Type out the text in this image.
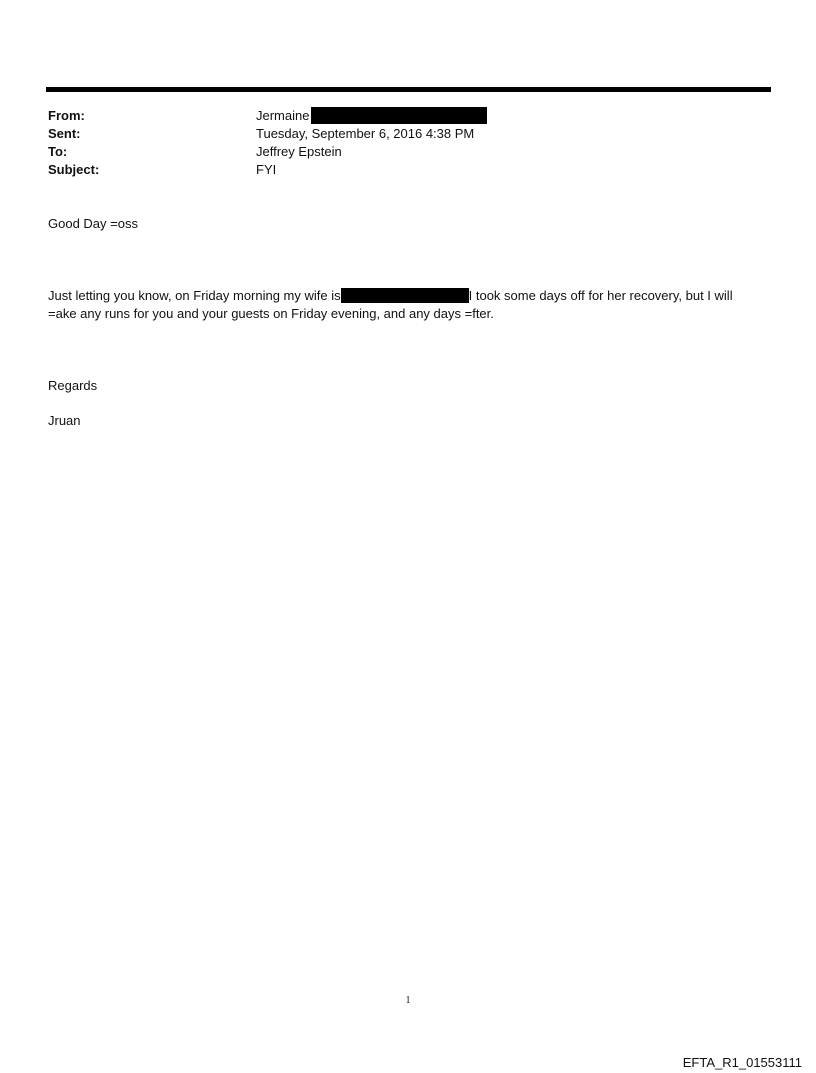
From:	Jermaine
Sent:	Tuesday, September 6, 2016 4:38 PM
To:	Jeffrey Epstein
Subject:	FYI
Good Day =oss
Just letting you know, on Friday morning my wife is	I took some days off for her recovery, but I will
=ake any runs for you and your guests on Friday evening, and any days =fter.
Regards
Jruan
1
EFTA_R1_01553111
